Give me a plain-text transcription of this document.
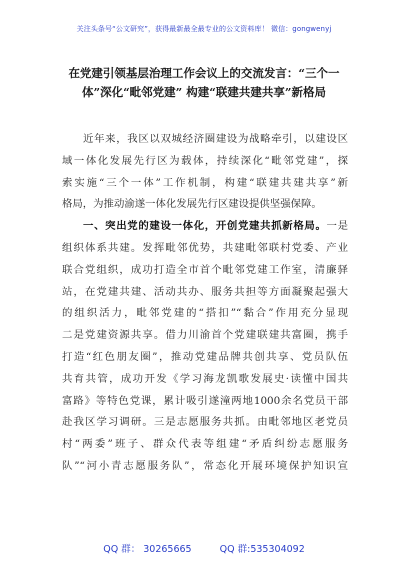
关注头条号“公文研究”，获得最新最全最专业的公文资料库！ 微信：gongwenyj
在党建引领基层治理工作会议上的交流发言：“三个一
体”深化“毗邻党建” 构建“联建共建共享”新格局
近年来，我区以双城经济圈建设为战略牵引，以建设区
域一体化发展先行区为载体，持续深化“毗邻党建”，探
索实施“三个一体”工作机制，构建“联建共建共享”新
格局，为推动渝遂一体化发展先行区建设提供坚强保障。
一、突出党的建设一体化，开创党建共抓新格局。一是
组织体系共建。发挥毗邻优势，共建毗邻联村党委、产业
联合党组织，成功打造全市首个毗邻党建工作室，清廉驿
站，在党建共建、活动共办、服务共担等方面凝聚起强大
的组织活力，毗邻党建的“搭扣”“黏合”作用充分显现
二是党建资源共享。借力川渝首个党建联建共富圈，携手
打造“红色朋友圈”，推动党建品牌共创共享、党员队伍
共育共管，成功开发《学习海龙凯歌发展史·读懂中国共
富路》等特色党课，累计吸引遂潼两地1000余名党员干部
赴我区学习调研。三是志愿服务共抓。由毗邻地区老党员
村“两委”班子、群众代表等组建“矛盾纠纷志愿服务
队”“河小青志愿服务队”，常态化开展环境保护知识宣
QQ 群： 30265665	QQ 群:535304092
